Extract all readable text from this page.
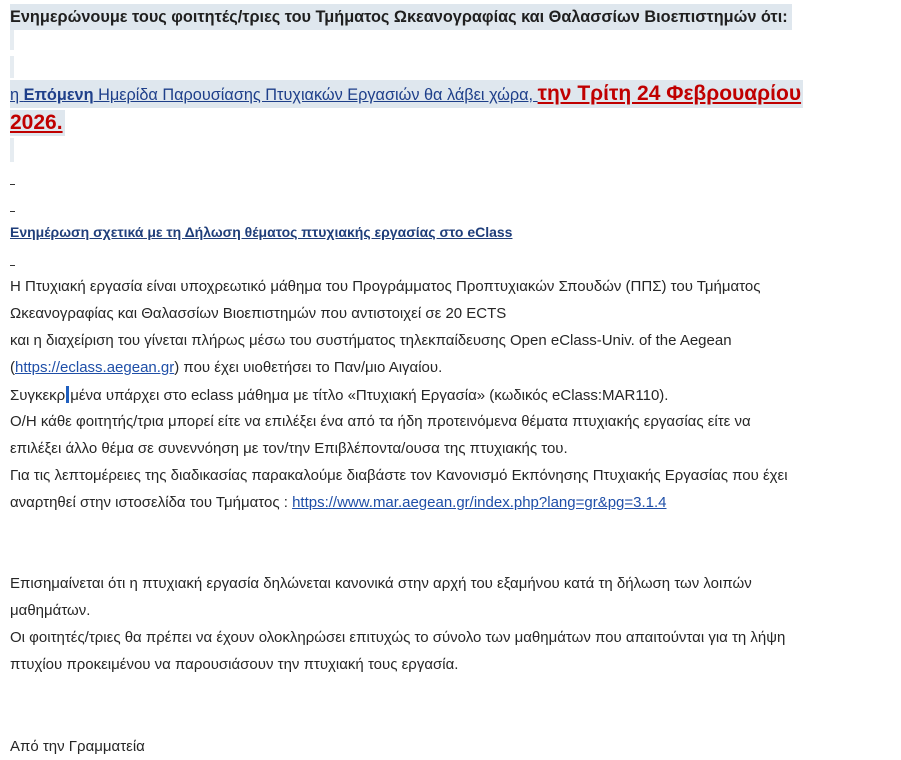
Ενημερώνουμε τους φοιτητές/τριες του Τμήματος Ωκεανογραφίας και Θαλασσίων Βιοεπιστημών ότι:
η Επόμενη Ημερίδα Παρουσίασης Πτυχιακών Εργασιών θα λάβει χώρα, την Τρίτη 24 Φεβρουαρίου
2026.
Ενημέρωση σχετικά με τη Δήλωση θέματος πτυχιακής εργασίας στο eClass
Η Πτυχιακή εργασία είναι υποχρεωτικό μάθημα του Προγράμματος Προπτυχιακών Σπουδών (ΠΠΣ) του Τμήματος
Ωκεανογραφίας και Θαλασσίων Βιοεπιστημών που αντιστοιχεί σε 20 ECTS
και η διαχείριση του γίνεται πλήρως μέσω του συστήματος τηλεκπαίδευσης Open eClass-Univ. of the Aegean
(https://eclass.aegean.gr) που έχει υιοθετήσει το Παν/μιο Αιγαίου.
Συγκεκρ μένα υπάρχει στο eclass μάθημα με τίτλο «Πτυχιακή Εργασία» (κωδικός eClass:MAR110).
Ο/Η κάθε φοιτητής/τρια μπορεί είτε να επιλέξει ένα από τα ήδη προτεινόμενα θέματα πτυχιακής εργασίας είτε να
επιλέξει άλλο θέμα σε συνεννόηση με τον/την Επιβλέποντα/ουσα της πτυχιακής του.
Για τις λεπτομέρειες της διαδικασίας παρακαλούμε διαβάστε τον Κανονισμό Εκπόνησης Πτυχιακής Εργασίας που έχει
αναρτηθεί στην ιστοσελίδα του Τμήματος : https://www.mar.aegean.gr/index.php?lang=gr&pg=3.1.4
Επισημαίνεται ότι η πτυχιακή εργασία δηλώνεται κανονικά στην αρχή του εξαμήνου κατά τη δήλωση των λοιπών
μαθημάτων.
Οι φοιτητές/τριες θα πρέπει να έχουν ολοκληρώσει επιτυχώς το σύνολο των μαθημάτων που απαιτούνται για τη λήψη
πτυχίου προκειμένου να παρουσιάσουν την πτυχιακή τους εργασία.
Από την Γραμματεία
